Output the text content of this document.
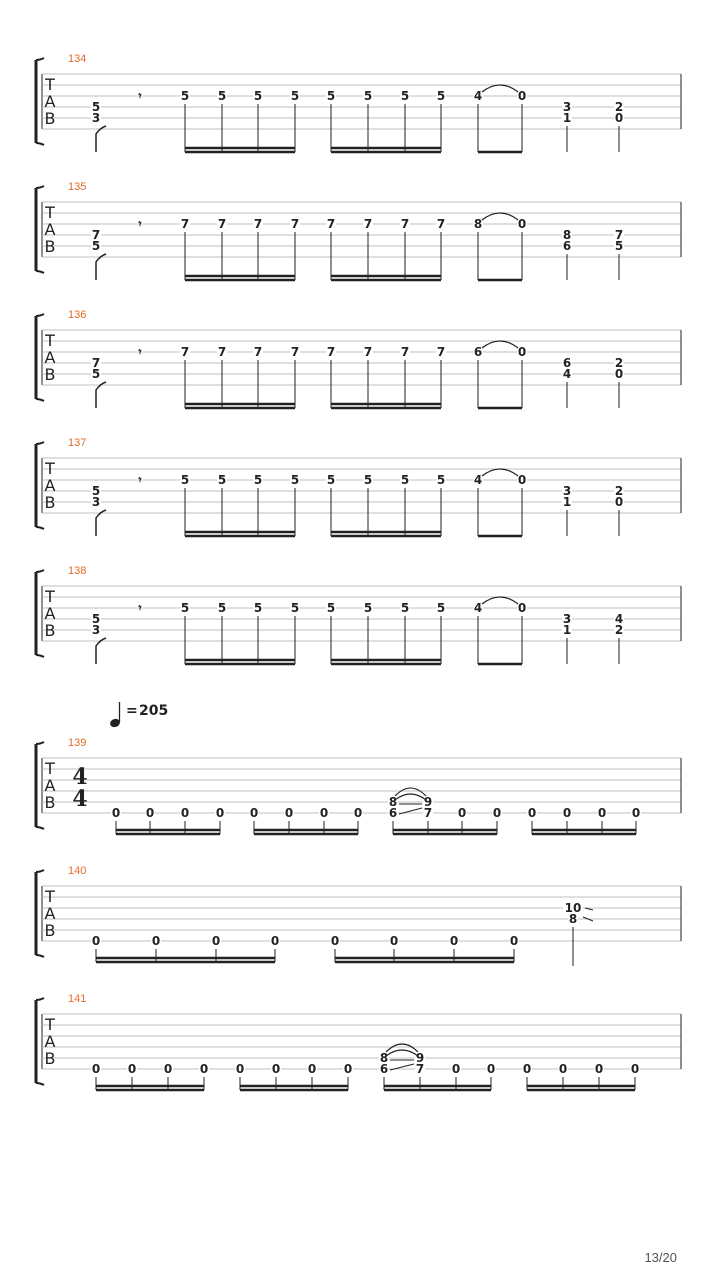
T
A
B
134
5
3
𝄾	5 5 5 5 5 5 5 5 4	0
3
1
2
0
T
A
B
135
7
5
𝄾	7 7 7 7 7 7 7 7 8	0
8
6
7
5
T
A
B
136
7
5
𝄾	7 7 7 7 7 7 7 7 6	0
6
4
2
0
T
A
B
137
5
3
𝄾	5 5 5 5 5 5 5 5 4	0
3
1
2
0
T
A
B
138
5
3
𝄾	5 5 5 5 5 5 5 5 4	0
3
1
4
2
= 205
T
A
B
139
4
4
0 0 0 0 0 0 0 0
8 9
6 7 0 0 0 0 0 0
T
A
B
140
0	0	0	0	0	0	0	0
10
8
T
A
B
141
0 0 0 0 0 0 0 0
8 9
6 7 0 0 0 0 0 0
13/20
